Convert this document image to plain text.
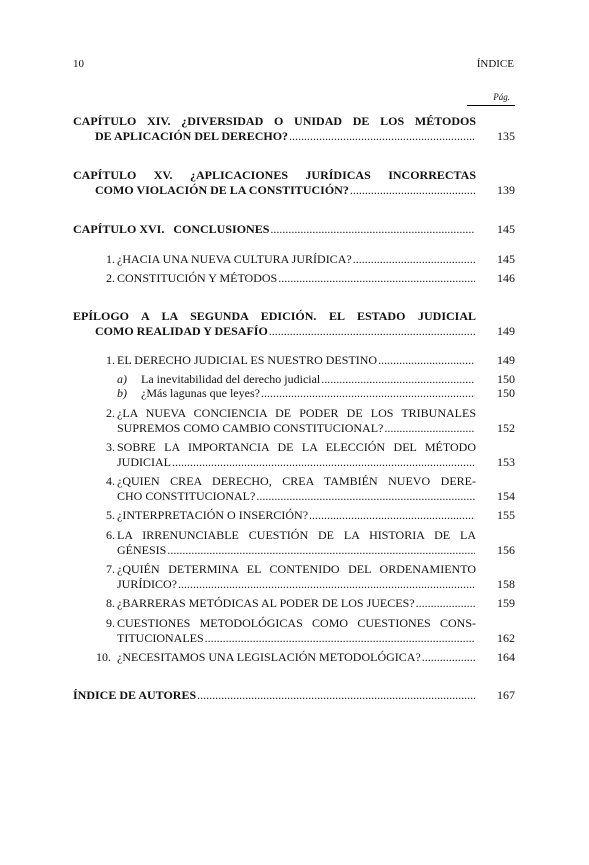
10	ÍNDICE
Pág.
CAPÍTULO XIV. ¿DIVERSIDAD O UNIDAD DE LOS MÉTODOS
DE APLICACIÓN DEL DERECHO? .....	135
CAPÍTULO XV. ¿APLICACIONES JURÍDICAS INCORRECTAS
COMO VIOLACIÓN DE LA CONSTITUCIÓN? .....	139
CAPÍTULO XVI.   CONCLUSIONES .....	145
1. ¿HACIA UNA NUEVA CULTURA JURÍDICA? .....	145
2. CONSTITUCIÓN Y MÉTODOS .....	146
EPÍLOGO A LA SEGUNDA EDICIÓN. EL ESTADO JUDICIAL
COMO REALIDAD Y DESAFÍO .....	149
1. EL DERECHO JUDICIAL ES NUESTRO DESTINO .....	149
a)	La inevitabilidad del derecho judicial .....	150
b)	¿Más lagunas que leyes? .....	150
2. ¿LA NUEVA CONCIENCIA DE PODER DE LOS TRIBUNALES
SUPREMOS COMO CAMBIO CONSTITUCIONAL? .....	152
3. SOBRE LA IMPORTANCIA DE LA ELECCIÓN DEL MÉTODO
JUDICIAL .....	153
4. ¿QUIEN CREA DERECHO, CREA TAMBIÉN NUEVO DERE-
CHO CONSTITUCIONAL? .....	154
5. ¿INTERPRETACIÓN O INSERCIÓN? .....	155
6. LA IRRENUNCIABLE CUESTIÓN DE LA HISTORIA DE LA
GÉNESIS .....	156
7. ¿QUIÉN DETERMINA EL CONTENIDO DEL ORDENAMIENTO
JURÍDICO? .....	158
8. ¿BARRERAS METÓDICAS AL PODER DE LOS JUECES? .....	159
9. CUESTIONES METODOLÓGICAS COMO CUESTIONES CONS-
TITUCIONALES .....	162
10. ¿NECESITAMOS UNA LEGISLACIÓN METODOLÓGICA? .....	164
ÍNDICE DE AUTORES .....	167
